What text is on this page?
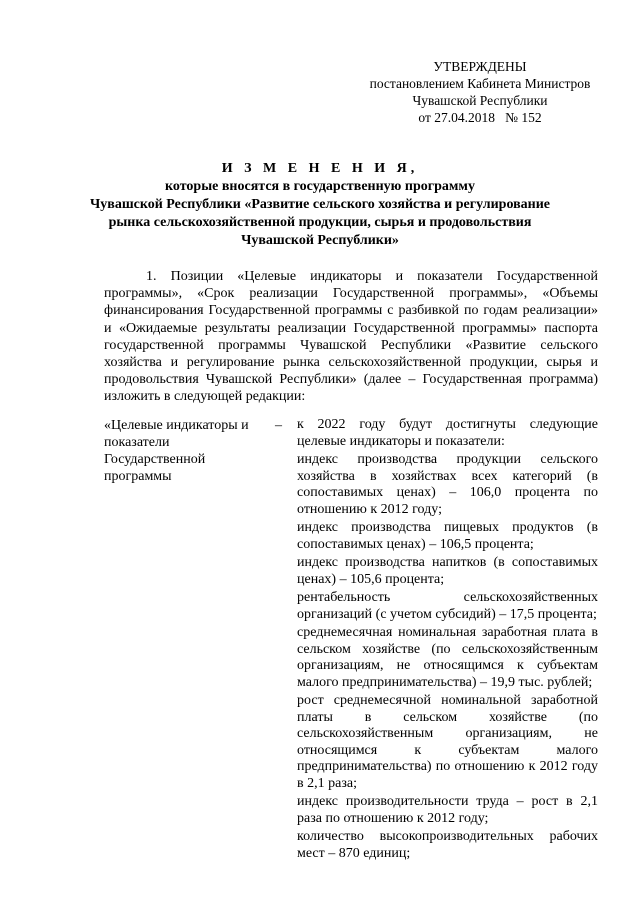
УТВЕРЖДЕНЫ
постановлением Кабинета Министров
Чувашской Республики
от 27.04.2018   № 152
И З М Е Н Е Н И Я,
которые вносятся в государственную программу
Чувашской Республики «Развитие сельского хозяйства и регулирование
рынка сельскохозяйственной продукции, сырья и продовольствия
Чувашской Республики»

1. Позиции «Целевые индикаторы и показатели Государственной программы», «Срок реализации Государственной программы», «Объемы финансирования Государственной программы с разбивкой по годам реализации» и «Ожидаемые результаты реализации Государственной программы» паспорта государственной программы Чувашской Республики «Развитие сельского хозяйства и регулирование рынка сельскохозяйственной продукции, сырья и продовольствия Чувашской Республики» (далее – Государственная программа) изложить в следующей редакции:

«Целевые индикаторы и показатели Государственной программы
– к 2022 году будут достигнуты следующие целевые индикаторы и показатели:

индекс производства продукции сельского хозяйства в хозяйствах всех категорий (в сопоставимых ценах) – 106,0 процента по отношению к 2012 году;

индекс производства пищевых продуктов (в сопоставимых ценах) – 106,5 процента;

индекс производства напитков (в сопоставимых ценах) – 105,6 процента;

рентабельность сельскохозяйственных организаций (с учетом субсидий) – 17,5 процента;

среднемесячная номинальная заработная плата в сельском хозяйстве (по сельскохозяйственным организациям, не относящимся к субъектам малого предпринимательства) – 19,9 тыс. рублей;

рост среднемесячной номинальной заработной платы в сельском хозяйстве (по сельскохозяйственным организациям, не относящимся к субъектам малого предпринимательства) по отношению к 2012 году в 2,1 раза;

индекс производительности труда – рост в 2,1 раза по отношению к 2012 году;

количество высокопроизводительных рабочих мест – 870 единиц;
